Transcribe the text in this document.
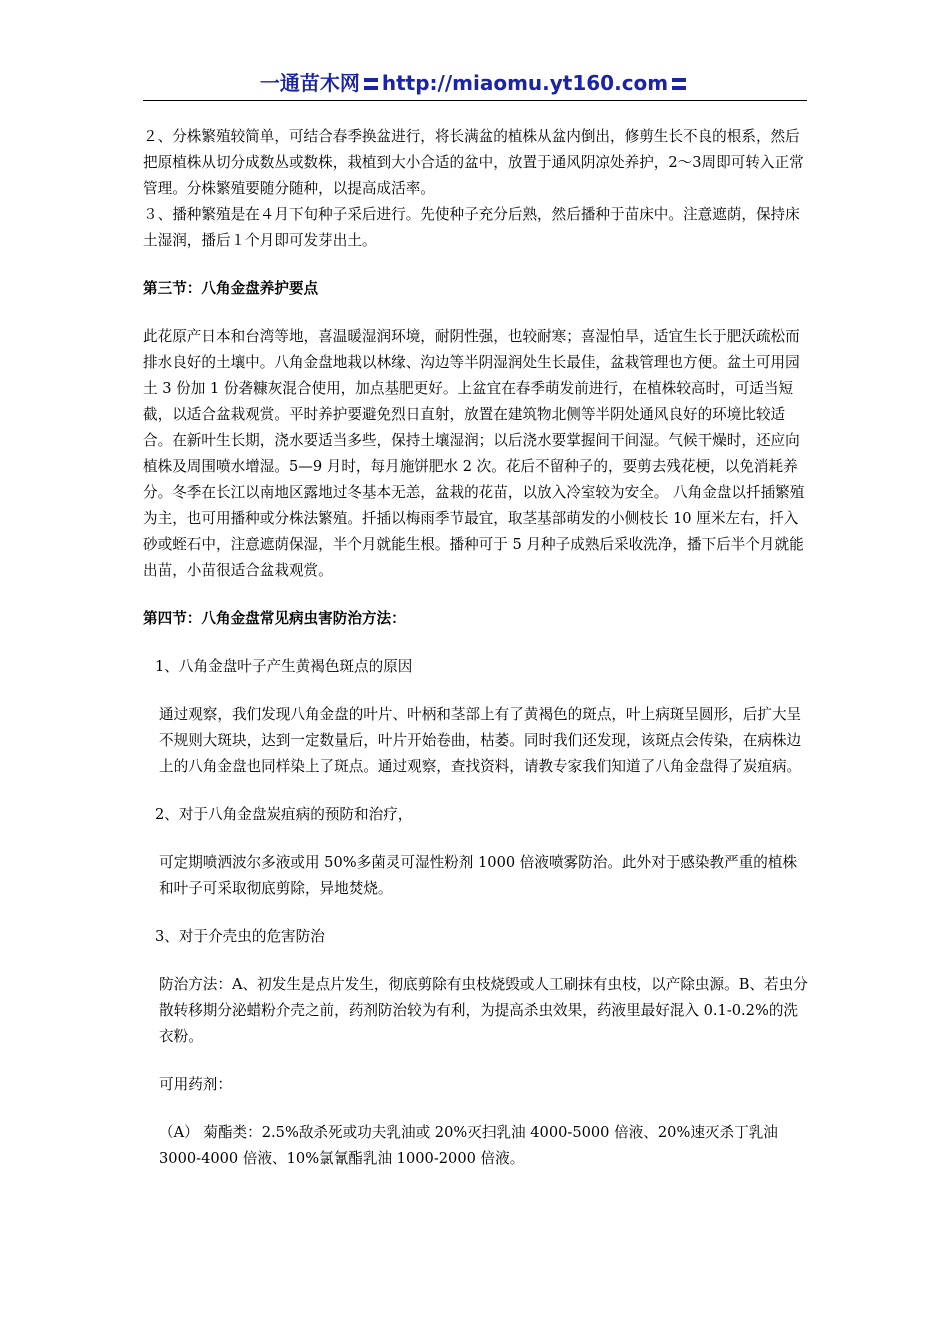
一通苗木网 http://miaomu.yt160.com

２、分株繁殖较简单，可结合春季换盆进行，将长满盆的植株从盆内倒出，修剪生长不良的根系，然后把原植株从切分成数丛或数株，栽植到大小合适的盆中，放置于通风阴凉处养护，2～3周即可转入正常管理。分株繁殖要随分随种，以提高成活率。

３、播种繁殖是在４月下旬种子采后进行。先使种子充分后熟，然后播种于苗床中。注意遮荫，保持床土湿润，播后１个月即可发芽出土。

第三节：八角金盘养护要点

此花原产日本和台湾等地，喜温暖湿润环境，耐阴性强，也较耐寒；喜湿怕旱，适宜生长于肥沃疏松而排水良好的土壤中。八角金盘地栽以林缘、沟边等半阴湿润处生长最佳，盆栽管理也方便。盆土可用园土 3 份加 1 份砻糠灰混合使用，加点基肥更好。上盆宜在春季萌发前进行，在植株较高时，可适当短截，以适合盆栽观赏。平时养护要避免烈日直射，放置在建筑物北侧等半阴处通风良好的环境比较适合。在新叶生长期，浇水要适当多些，保持土壤湿润；以后浇水要掌握间干间湿。气候干燥时，还应向植株及周围喷水增湿。5—9 月时，每月施饼肥水 2 次。花后不留种子的，要剪去残花梗，以免消耗养分。冬季在长江以南地区露地过冬基本无恙，盆栽的花苗，以放入冷室较为安全。 八角金盘以扦插繁殖为主，也可用播种或分株法繁殖。扦插以梅雨季节最宜，取茎基部萌发的小侧枝长 10 厘米左右，扦入砂或蛭石中，注意遮荫保湿，半个月就能生根。播种可于 5 月种子成熟后采收洗净，播下后半个月就能出苗，小苗很适合盆栽观赏。

第四节：八角金盘常见病虫害防治方法：

1、八角金盘叶子产生黄褐色斑点的原因

通过观察，我们发现八角金盘的叶片、叶柄和茎部上有了黄褐色的斑点，叶上病斑呈圆形，后扩大呈不规则大斑块，达到一定数量后，叶片开始卷曲，枯萎。同时我们还发现，该斑点会传染，在病株边上的八角金盘也同样染上了斑点。通过观察，查找资料，请教专家我们知道了八角金盘得了炭疽病。

2、对于八角金盘炭疽病的预防和治疗，

可定期喷洒波尔多液或用 50%多菌灵可湿性粉剂 1000 倍液喷雾防治。此外对于感染教严重的植株和叶子可采取彻底剪除，异地焚烧。

3、对于介壳虫的危害防治

防治方法：A、初发生是点片发生，彻底剪除有虫枝烧毁或人工刷抹有虫枝，以产除虫源。B、若虫分散转移期分泌蜡粉介壳之前，药剂防治较为有利，为提高杀虫效果，药液里最好混入 0.1-0.2%的洗衣粉。

可用药剂：

（A） 菊酯类：2.5%敌杀死或功夫乳油或 20%灭扫乳油 4000-5000 倍液、20%速灭杀丁乳油 3000-4000 倍液、10%氯氰酯乳油 1000-2000 倍液。
